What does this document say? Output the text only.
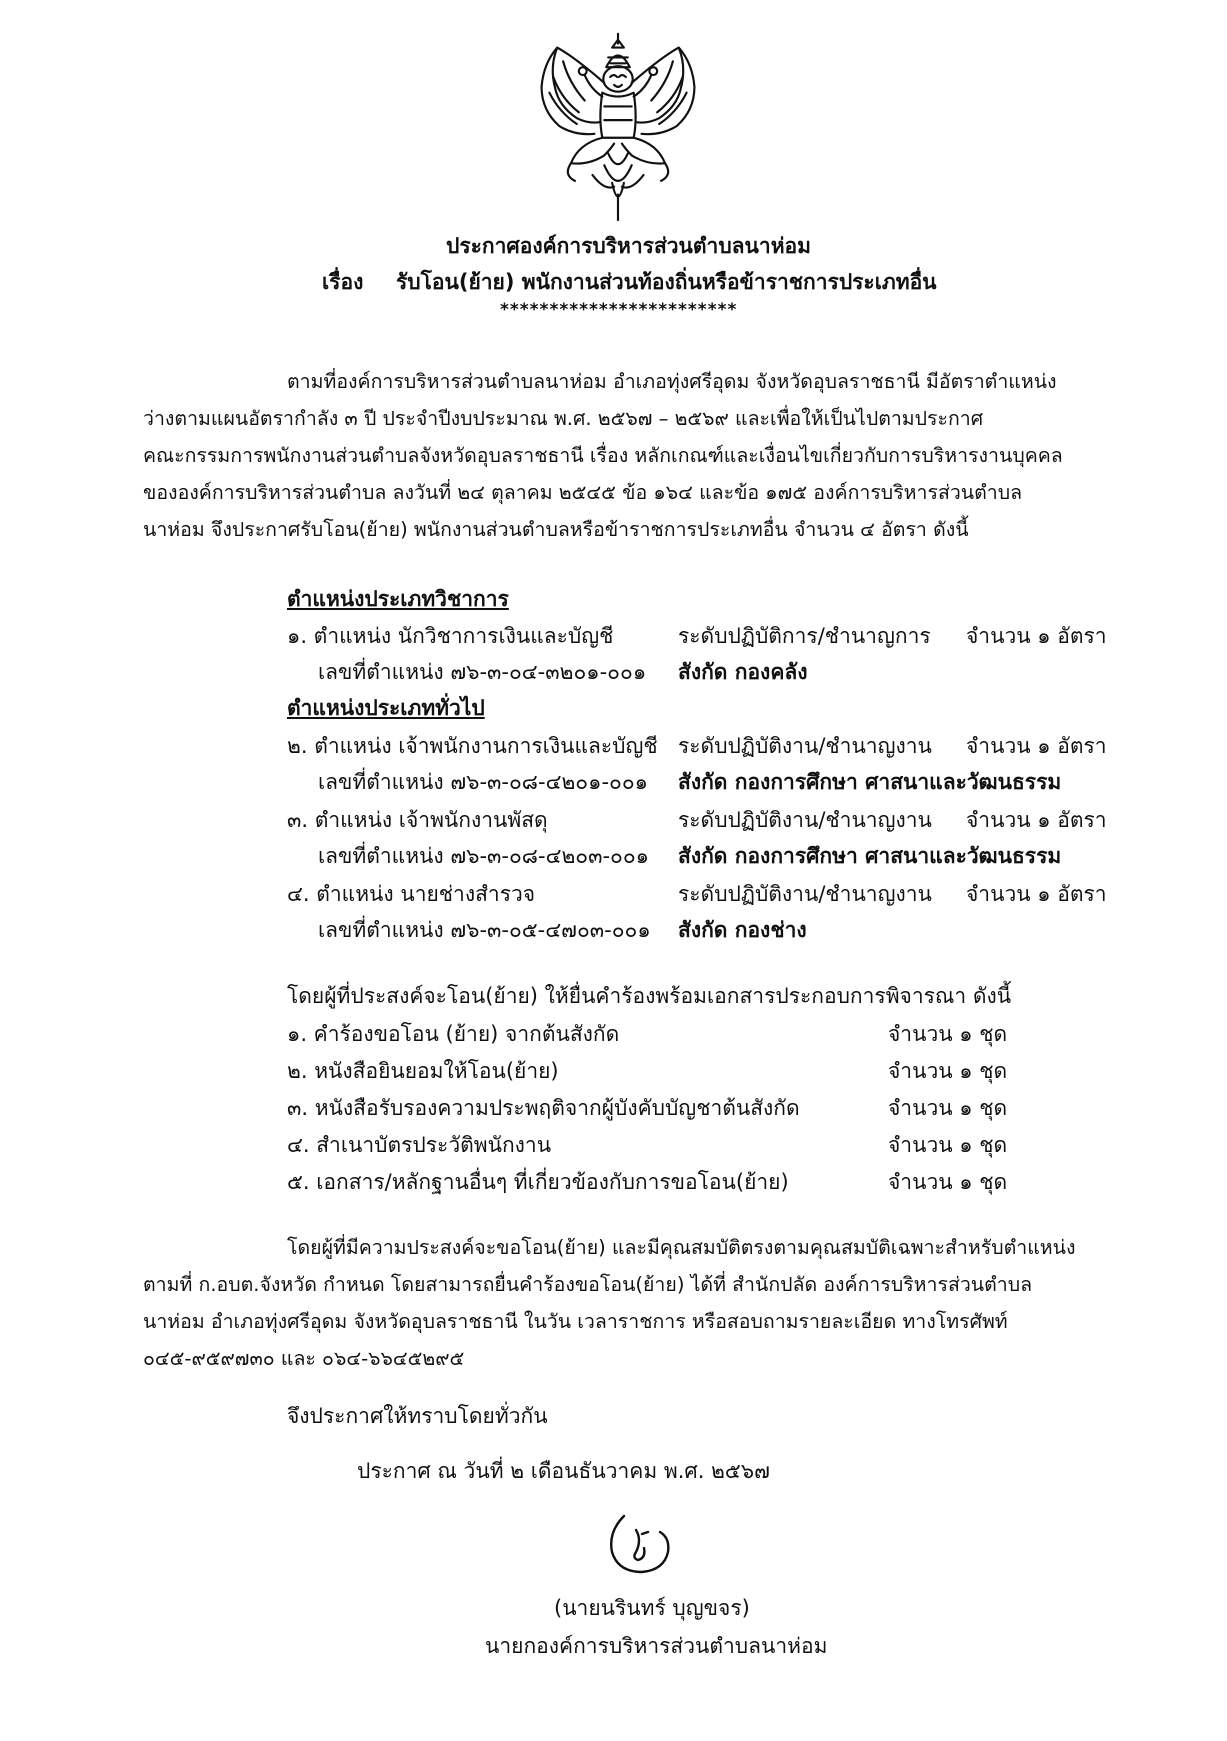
ประกาศองค์การบริหารส่วนตำบลนาห่อม
เรื่อง รับโอน(ย้าย) พนักงานส่วนท้องถิ่นหรือข้าราชการประเภทอื่น
************************
ตามที่องค์การบริหารส่วนตำบลนาห่อม อำเภอทุ่งศรีอุดม จังหวัดอุบลราชธานี มีอัตราตำแหน่ง
ว่างตามแผนอัตรากำลัง ๓ ปี ประจำปีงบประมาณ พ.ศ. ๒๕๖๗ – ๒๕๖๙ และเพื่อให้เป็นไปตามประกาศ
คณะกรรมการพนักงานส่วนตำบลจังหวัดอุบลราชธานี เรื่อง หลักเกณฑ์และเงื่อนไขเกี่ยวกับการบริหารงานบุคคล
ขององค์การบริหารส่วนตำบล ลงวันที่ ๒๔ ตุลาคม ๒๕๔๕ ข้อ ๑๖๔ และข้อ ๑๗๕ องค์การบริหารส่วนตำบล
นาห่อม จึงประกาศรับโอน(ย้าย) พนักงานส่วนตำบลหรือข้าราชการประเภทอื่น จำนวน ๔ อัตรา ดังนี้
ตำแหน่งประเภทวิชาการ
๑. ตำแหน่ง นักวิชาการเงินและบัญชี	ระดับปฏิบัติการ/ชำนาญการ จำนวน ๑ อัตรา
เลขที่ตำแหน่ง ๗๖-๓-๐๔-๓๒๐๑-๐๐๑ สังกัด กองคลัง
ตำแหน่งประเภททั่วไป
๒. ตำแหน่ง เจ้าพนักงานการเงินและบัญชี ระดับปฏิบัติงาน/ชำนาญงาน จำนวน ๑ อัตรา
เลขที่ตำแหน่ง ๗๖-๓-๐๘-๔๒๐๑-๐๐๑ สังกัด กองการศึกษา ศาสนาและวัฒนธรรม
๓. ตำแหน่ง เจ้าพนักงานพัสดุ	ระดับปฏิบัติงาน/ชำนาญงาน จำนวน ๑ อัตรา
เลขที่ตำแหน่ง ๗๖-๓-๐๘-๔๒๐๓-๐๐๑ สังกัด กองการศึกษา ศาสนาและวัฒนธรรม
๔. ตำแหน่ง นายช่างสำรวจ	ระดับปฏิบัติงาน/ชำนาญงาน จำนวน ๑ อัตรา
เลขที่ตำแหน่ง ๗๖-๓-๐๕-๔๗๐๓-๐๐๑ สังกัด กองช่าง
โดยผู้ที่ประสงค์จะโอน(ย้าย) ให้ยื่นคำร้องพร้อมเอกสารประกอบการพิจารณา ดังนี้
๑. คำร้องขอโอน (ย้าย) จากต้นสังกัด	จำนวน ๑ ชุด
๒. หนังสือยินยอมให้โอน(ย้าย)	จำนวน ๑ ชุด
๓. หนังสือรับรองความประพฤติจากผู้บังคับบัญชาต้นสังกัด	จำนวน ๑ ชุด
๔. สำเนาบัตรประวัติพนักงาน	จำนวน ๑ ชุด
๕. เอกสาร/หลักฐานอื่นๆ ที่เกี่ยวข้องกับการขอโอน(ย้าย)	จำนวน ๑ ชุด
โดยผู้ที่มีความประสงค์จะขอโอน(ย้าย) และมีคุณสมบัติตรงตามคุณสมบัติเฉพาะสำหรับตำแหน่ง
ตามที่ ก.อบต.จังหวัด กำหนด โดยสามารถยื่นคำร้องขอโอน(ย้าย) ได้ที่ สำนักปลัด องค์การบริหารส่วนตำบล
นาห่อม อำเภอทุ่งศรีอุดม จังหวัดอุบลราชธานี ในวัน เวลาราชการ หรือสอบถามรายละเอียด ทางโทรศัพท์
๐๔๕-๙๕๙๗๓๐ และ ๐๖๔-๖๖๔๕๒๙๕
จึงประกาศให้ทราบโดยทั่วกัน
ประกาศ ณ วันที่ ๒ เดือนธันวาคม พ.ศ. ๒๕๖๗
(นายนรินทร์ บุญขจร)
นายกองค์การบริหารส่วนตำบลนาห่อม
